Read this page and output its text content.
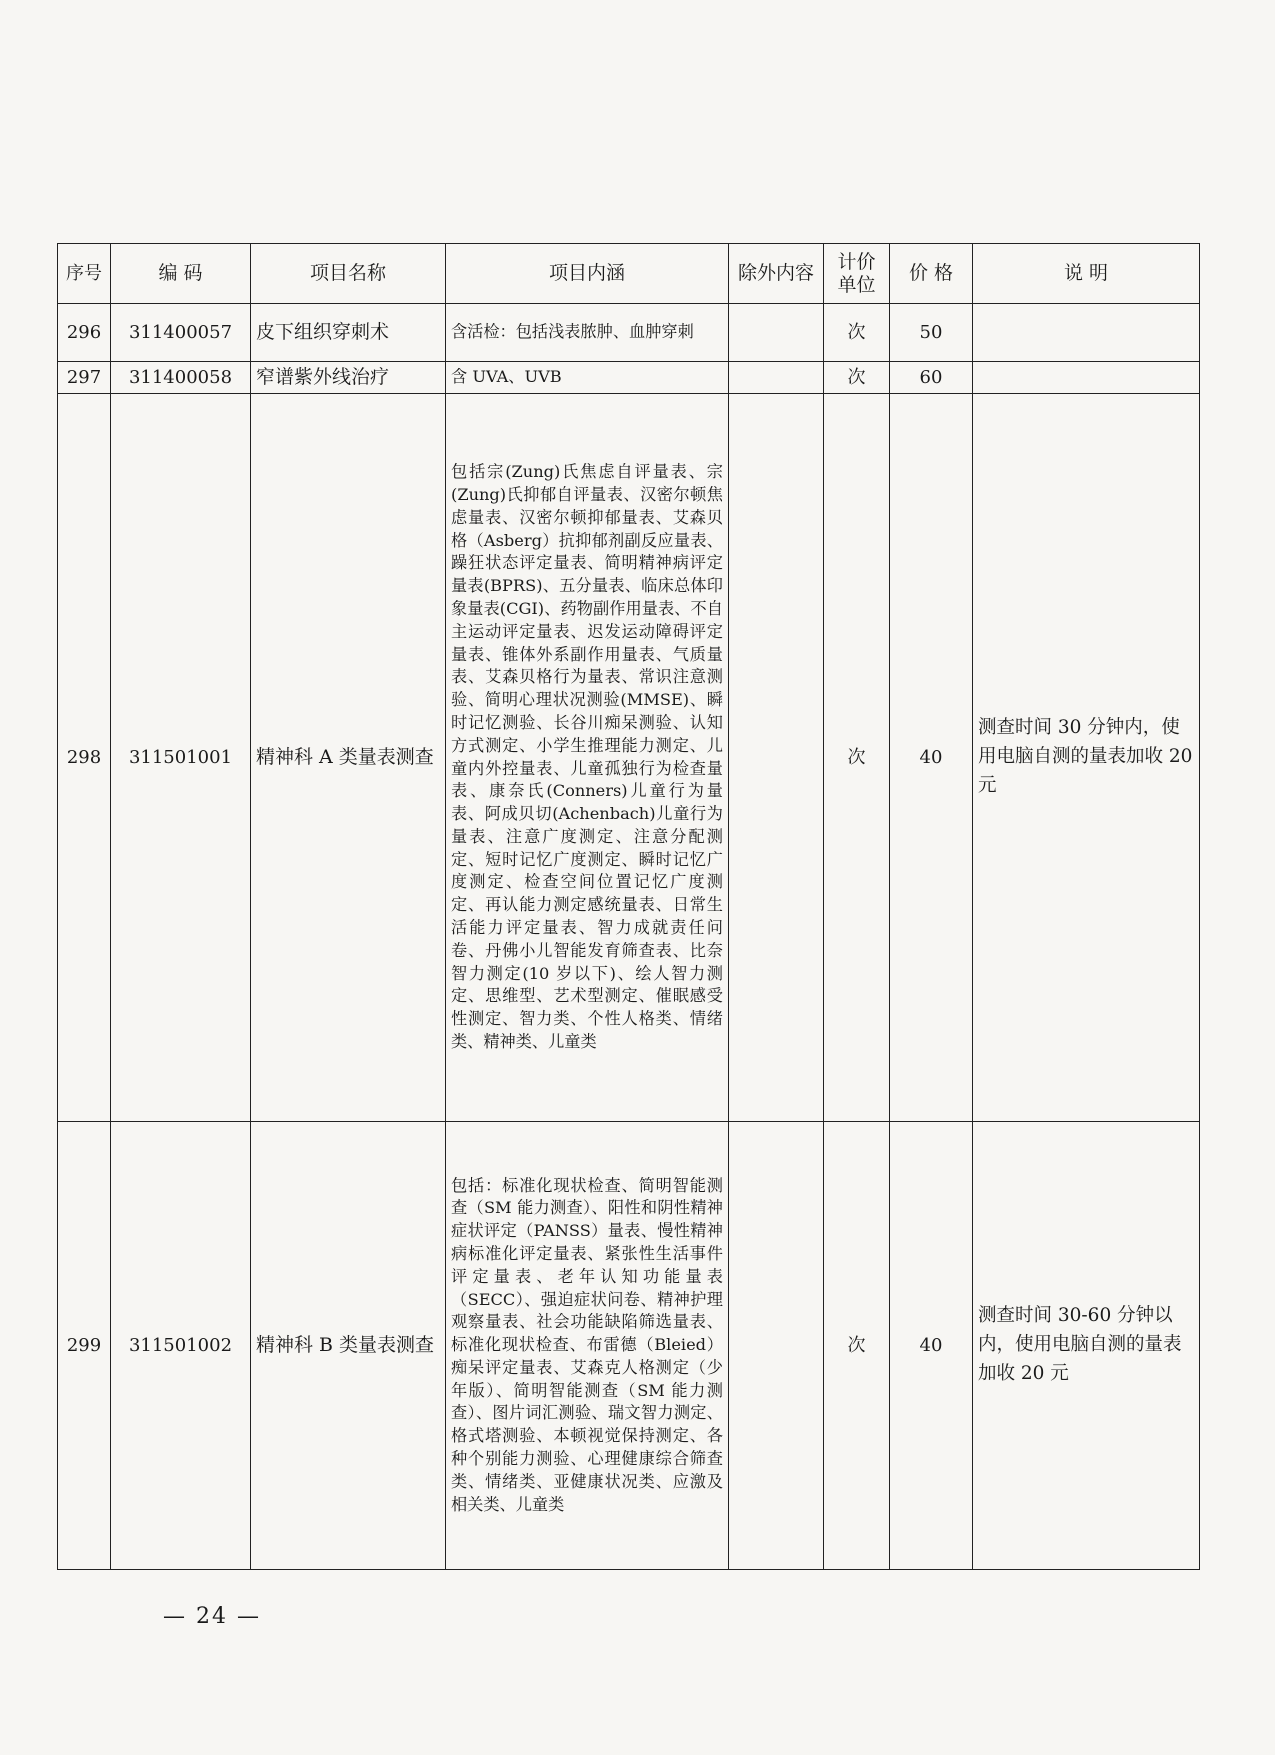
序号	编 码	项目名称	项目内涵	除外内容	计价单位	价 格	说 明
296	311400057	皮下组织穿刺术	含活检：包括浅表脓肿、血肿穿刺		次	50	
297	311400058	窄谱紫外线治疗	含 UVA、UVB		次	60	
298	311501001	精神科 A 类量表测查	包括宗(Zung)氏焦虑自评量表、宗(Zung)氏抑郁自评量表、汉密尔顿焦虑量表、汉密尔顿抑郁量表、艾森贝格（Asberg）抗抑郁剂副反应量表、躁狂状态评定量表、简明精神病评定量表(BPRS)、五分量表、临床总体印象量表(CGI)、药物副作用量表、不自主运动评定量表、迟发运动障碍评定量表、锥体外系副作用量表、气质量表、艾森贝格行为量表、常识注意测验、简明心理状况测验(MMSE)、瞬时记忆测验、长谷川痴呆测验、认知方式测定、小学生推理能力测定、儿童内外控量表、儿童孤独行为检查量表、康奈氏(Conners)儿童行为量表、阿成贝切(Achenbach)儿童行为量表、注意广度测定、注意分配测定、短时记忆广度测定、瞬时记忆广度测定、检查空间位置记忆广度测定、再认能力测定感统量表、日常生活能力评定量表、智力成就责任问卷、丹佛小儿智能发育筛查表、比奈智力测定(10 岁以下)、绘人智力测定、思维型、艺术型测定、催眠感受性测定、智力类、个性人格类、情绪类、精神类、儿童类		次	40	测查时间 30 分钟内，使用电脑自测的量表加收 20 元
299	311501002	精神科 B 类量表测查	包括：标准化现状检查、简明智能测查（SM 能力测查）、阳性和阴性精神症状评定（PANSS）量表、慢性精神病标准化评定量表、紧张性生活事件评定量表、老年认知功能量表（SECC）、强迫症状问卷、精神护理观察量表、社会功能缺陷筛选量表、标准化现状检查、布雷德（Bleied）痴呆评定量表、艾森克人格测定（少年版）、简明智能测查（SM 能力测查）、图片词汇测验、瑞文智力测定、格式塔测验、本顿视觉保持测定、各种个别能力测验、心理健康综合筛查类、情绪类、亚健康状况类、应激及相关类、儿童类		次	40	测查时间 30-60 分钟以内，使用电脑自测的量表加收 20 元
— 24 —
